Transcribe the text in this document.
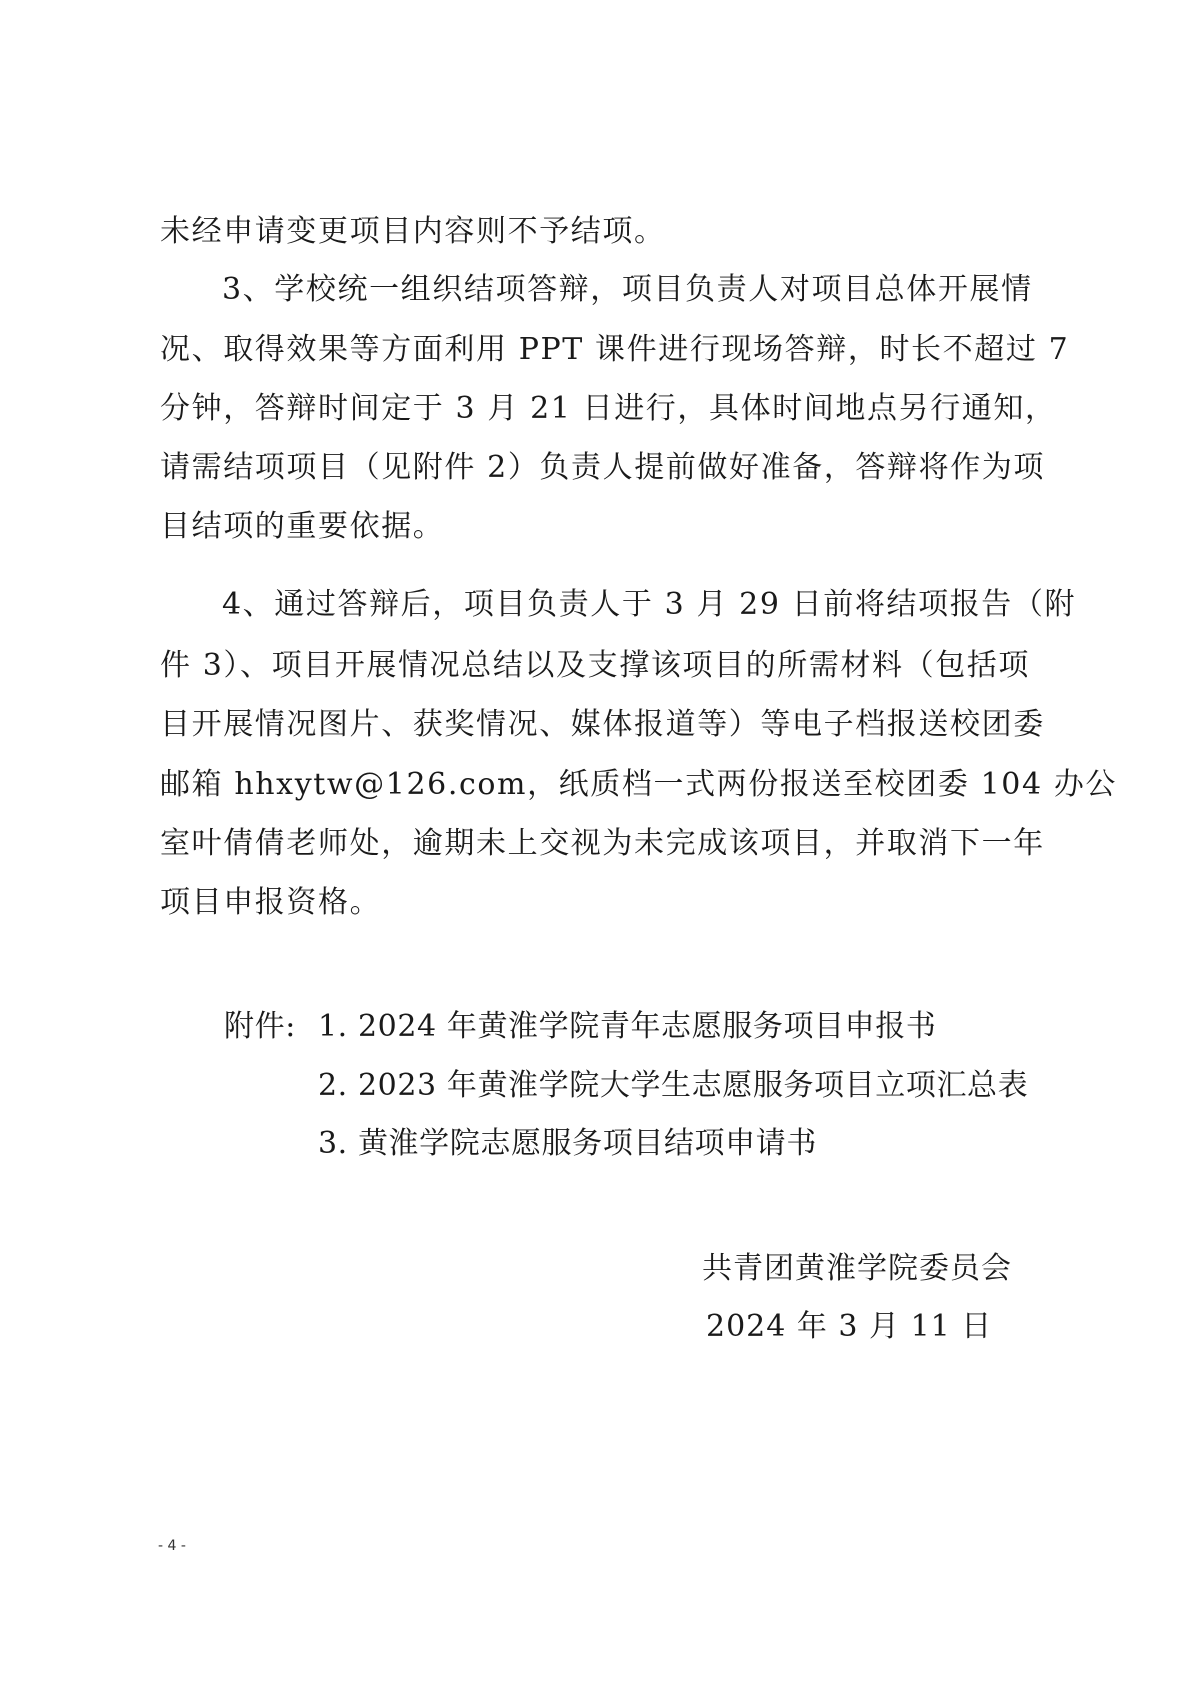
未经申请变更项目内容则不予结项。
3、学校统一组织结项答辩，项目负责人对项目总体开展情
况、取得效果等方面利用 PPT 课件进行现场答辩，时长不超过 7
分钟，答辩时间定于 3 月 21 日进行，具体时间地点另行通知，
请需结项项目（见附件 2）负责人提前做好准备，答辩将作为项
目结项的重要依据。
4、通过答辩后，项目负责人于 3 月 29 日前将结项报告（附
件 3）、项目开展情况总结以及支撑该项目的所需材料（包括项
目开展情况图片、获奖情况、媒体报道等）等电子档报送校团委
邮箱 hhxytw@126.com，纸质档一式两份报送至校团委 104 办公
室叶倩倩老师处，逾期未上交视为未完成该项目，并取消下一年
项目申报资格。
附件: 1. 2024 年黄淮学院青年志愿服务项目申报书
2. 2023 年黄淮学院大学生志愿服务项目立项汇总表
3. 黄淮学院志愿服务项目结项申请书
共青团黄淮学院委员会
2024 年 3 月 11 日
- 4 -
